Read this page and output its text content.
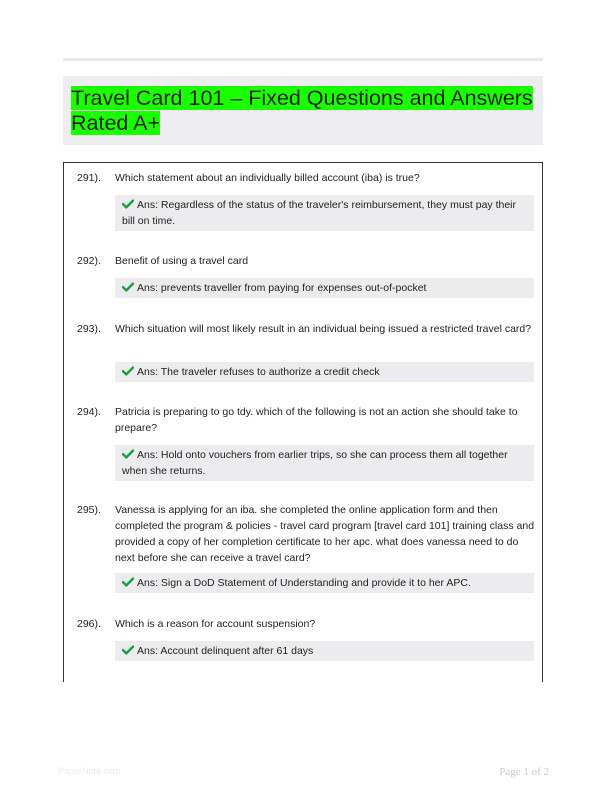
Travel Card 101 – Fixed Questions and Answers Rated A+
291). Which statement about an individually billed account (iba) is true?
Ans: Regardless of the status of the traveler's reimbursement, they must pay their bill on time.
292). Benefit of using a travel card
Ans: prevents traveller from paying for expenses out-of-pocket
293). Which situation will most likely result in an individual being issued a restricted travel card?
Ans: The traveler refuses to authorize a credit check
294). Patricia is preparing to go tdy. which of the following is not an action she should take to prepare?
Ans: Hold onto vouchers from earlier trips, so she can process them all together when she returns.
295). Vanessa is applying for an iba. she completed the online application form and then completed the program & policies - travel card program [travel card 101] training class and provided a copy of her completion certificate to her apc. what does vanessa need to do next before she can receive a travel card?
Ans: Sign a DoD Statement of Understanding and provide it to her APC.
296). Which is a reason for account suspension?
Ans: Account delinquent after 61 days
PaperNote.com	Page 1 of 2
